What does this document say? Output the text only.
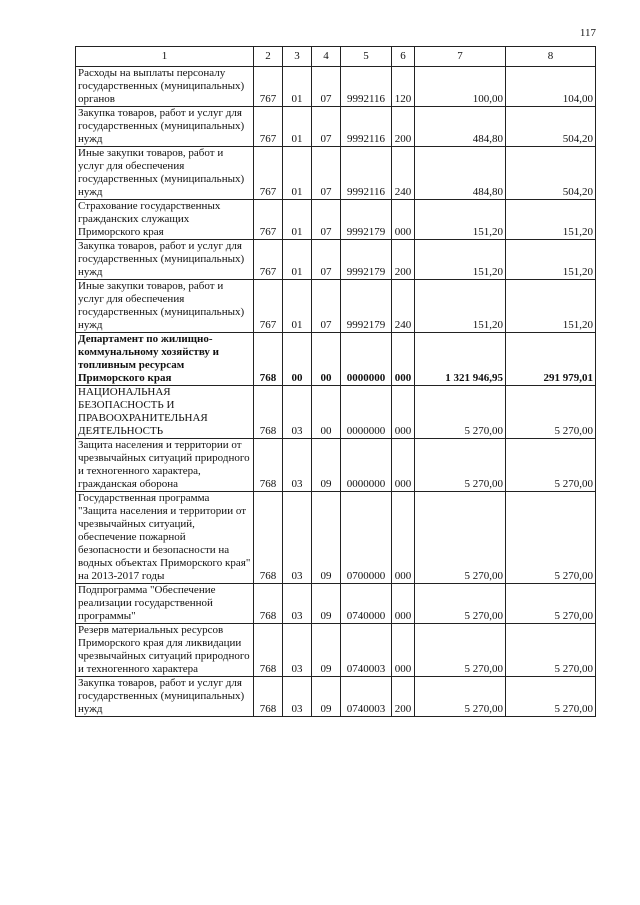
117
1	2	3	4	5	6	7	8
Расходы на выплаты персоналу государственных (муниципальных) органов	767	01	07	9992116	120	100,00	104,00
Закупка товаров, работ и услуг для государственных (муниципальных) нужд	767	01	07	9992116	200	484,80	504,20
Иные закупки товаров, работ и услуг для обеспечения государственных (муниципальных) нужд	767	01	07	9992116	240	484,80	504,20
Страхование государственных гражданских служащих Приморского края	767	01	07	9992179	000	151,20	151,20
Закупка товаров, работ и услуг для государственных (муниципальных) нужд	767	01	07	9992179	200	151,20	151,20
Иные закупки товаров, работ и услуг для обеспечения государственных (муниципальных) нужд	767	01	07	9992179	240	151,20	151,20
Департамент по жилищно-коммунальному хозяйству и топливным ресурсам Приморского края	768	00	00	0000000	000	1 321 946,95	291 979,01
НАЦИОНАЛЬНАЯ БЕЗОПАСНОСТЬ И ПРАВООХРАНИТЕЛЬНАЯ ДЕЯТЕЛЬНОСТЬ	768	03	00	0000000	000	5 270,00	5 270,00
Защита населения и территории от чрезвычайных ситуаций природного и техногенного характера, гражданская оборона	768	03	09	0000000	000	5 270,00	5 270,00
Государственная программа "Защита населения и территории от чрезвычайных ситуаций, обеспечение пожарной безопасности и безопасности на водных объектах Приморского края" на 2013-2017 годы	768	03	09	0700000	000	5 270,00	5 270,00
Подпрограмма "Обеспечение реализации государственной программы"	768	03	09	0740000	000	5 270,00	5 270,00
Резерв материальных ресурсов Приморского края для ликвидации чрезвычайных ситуаций природного и техногенного характера	768	03	09	0740003	000	5 270,00	5 270,00
Закупка товаров, работ и услуг для государственных (муниципальных) нужд	768	03	09	0740003	200	5 270,00	5 270,00
